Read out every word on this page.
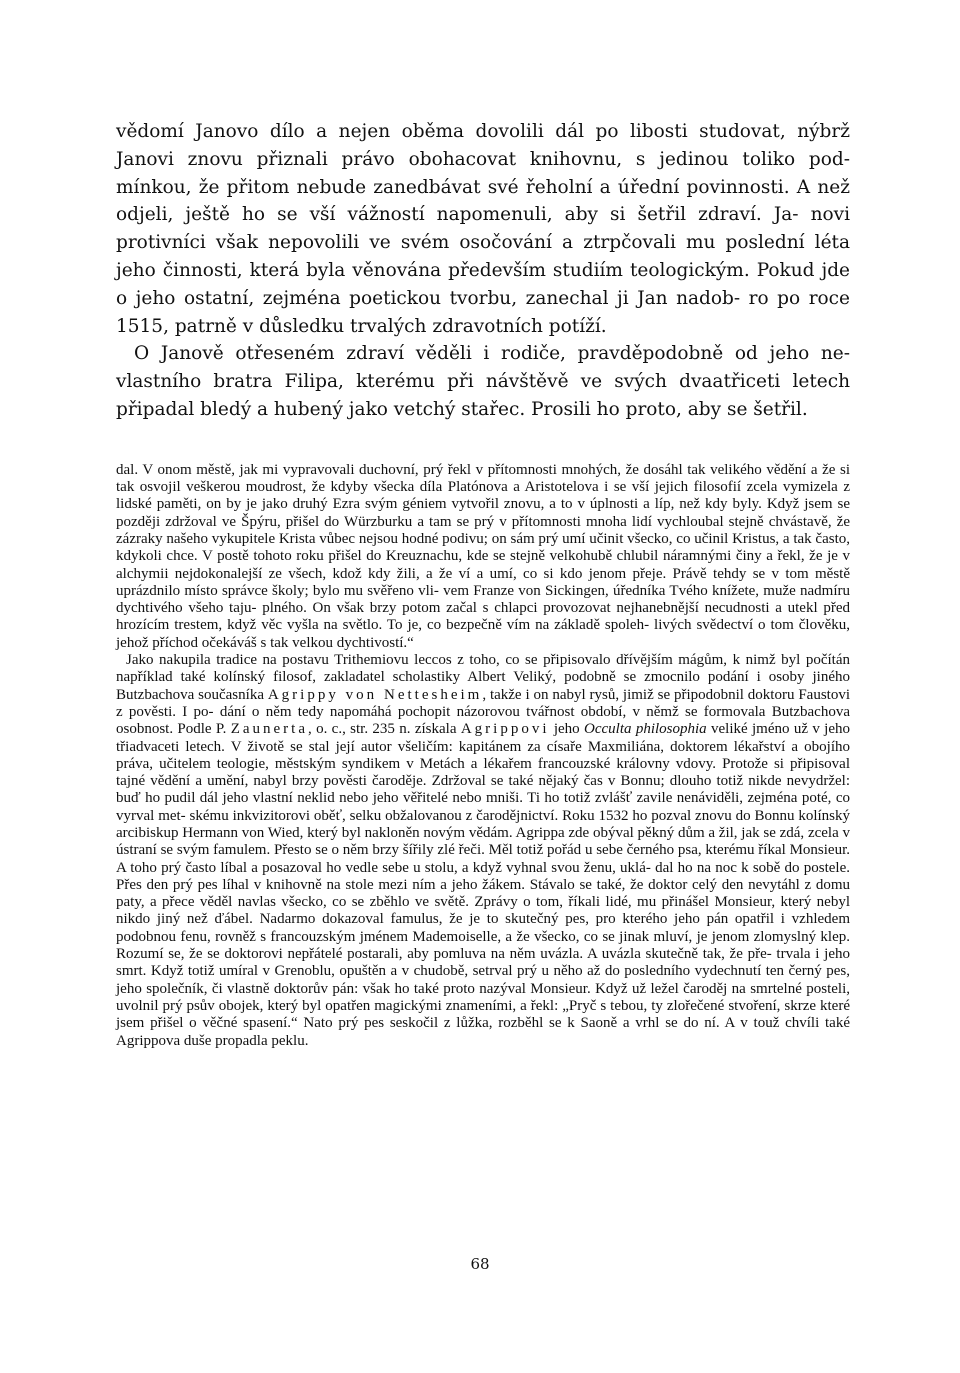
vědomí Janovo dílo a nejen oběma dovolili dál po libosti studovat, nýbrž Janovi znovu přiznali právo obohacovat knihovnu, s jedinou toliko pod- mínkou, že přitom nebude zanedbávat své řeholní a úřední povinnosti. A než odjeli, ještě ho se vší vážností napomenuli, aby si šetřil zdraví. Ja- novi protivníci však nepovolili ve svém osočování a ztrpčovali mu poslední léta jeho činnosti, která byla věnována především studiím teologickým. Pokud jde o jeho ostatní, zejména poetickou tvorbu, zanechal ji Jan nadob- ro po roce 1515, patrně v důsledku trvalých zdravotních potíží.

O Janově otřeseném zdraví věděli i rodiče, pravděpodobně od jeho ne- vlastního bratra Filipa, kterému při návštěvě ve svých dvaatřiceti letech připadal bledý a hubený jako vetchý stařec. Prosili ho proto, aby se šetřil.

dal. V onom městě, jak mi vypravovali duchovní, prý řekl v přítomnosti mnohých, že dosáhl tak velikého vědění a že si tak osvojil veškerou moudrost, že kdyby všecka díla Platónova a Aristotelova i se vší jejich filosofií zcela vymizela z lidské paměti, on by je jako druhý Ezra svým géniem vytvořil znovu, a to v úplnosti a líp, než kdy byly. Když jsem se později zdržoval ve Špýru, přišel do Würzburku a tam se prý v přítomnosti mnoha lidí vychloubal stejně chvástavě, že zázraky našeho vykupitele Krista vůbec nejsou hodné podivu; on sám prý umí učinit všecko, co učinil Kristus, a tak často, kdykoli chce. V postě tohoto roku přišel do Kreuznachu, kde se stejně velkohubě chlubil náramnými činy a řekl, že je v alchymii nejdokonalejší ze všech, kdož kdy žili, a že ví a umí, co si kdo jenom přeje. Právě tehdy se v tom městě uprázdnilo místo správce školy; bylo mu svěřeno vli- vem Franze von Sickingen, úředníka Tvého knížete, muže nadmíru dychtivého všeho taju- plného. On však brzy potom začal s chlapci provozovat nejhanebnější necudnosti a utekl před hrozícím trestem, když věc vyšla na světlo. To je, co bezpečně vím na základě spoleh- livých svědectví o tom člověku, jehož příchod očekáváš s tak velkou dychtivostí.“

Jako nakupila tradice na postavu Trithemiovu leccos z toho, co se připisovalo dřívějším mágům, k nimž byl počítán například také kolínský filosof, zakladatel scholastiky Albert Veliký, podobně se zmocnilo podání i osoby jiného Butzbachova současníka Agrippy von Nettesheim, takže i on nabyl rysů, jimiž se připodobnil doktoru Faustovi z pověsti. I po- dání o něm tedy napomáhá pochopit názorovou tvářnost období, v němž se formovala Butzbachova osobnost. Podle P. Zaunerta, o. c., str. 235 n. získala Agrippovi jeho Occulta philosophia veliké jméno už v jeho třiadvaceti letech. V životě se stal její autor všeličím: kapitánem za císaře Maxmiliána, doktorem lékařství a obojího práva, učitelem teologie, městským syndikem v Metách a lékařem francouzské královny vdovy. Protože si připisoval tajné vědění a umění, nabyl brzy pověsti čaroděje. Zdržoval se také nějaký čas v Bonnu; dlouho totiž nikde nevydržel: buď ho pudil dál jeho vlastní neklid nebo jeho věřitelé nebo mniši. Ti ho totiž zvlášť zavile nenáviděli, zejména poté, co vyrval met- skému inkvizitorovi oběť, selku obžalovanou z čarodějnictví. Roku 1532 ho pozval znovu do Bonnu kolínský arcibiskup Hermann von Wied, který byl nakloněn novým vědám. Agrippa zde obýval pěkný dům a žil, jak se zdá, zcela v ústraní se svým famulem. Přesto se o něm brzy šířily zlé řeči. Měl totiž pořád u sebe černého psa, kterému říkal Monsieur. A toho prý často líbal a posazoval ho vedle sebe u stolu, a když vyhnal svou ženu, uklá- dal ho na noc k sobě do postele. Přes den prý pes líhal v knihovně na stole mezi ním a jeho žákem. Stávalo se také, že doktor celý den nevytáhl z domu paty, a přece věděl navlas všecko, co se zběhlo ve světě. Zprávy o tom, říkali lidé, mu přinášel Monsieur, který nebyl nikdo jiný než ďábel. Nadarmo dokazoval famulus, že je to skutečný pes, pro kterého jeho pán opatřil i vzhledem podobnou fenu, rovněž s francouzským jménem Mademoiselle, a že všecko, co se jinak mluví, je jenom zlomyslný klep. Rozumí se, že se doktorovi nepřátelé postarali, aby pomluva na něm uvázla. A uvázla skutečně tak, že pře- trvala i jeho smrt. Když totiž umíral v Grenoblu, opuštěn a v chudobě, setrval prý u něho až do posledního vydechnutí ten černý pes, jeho společník, či vlastně doktorův pán: však ho také proto nazýval Monsieur. Když už ležel čaroděj na smrtelné posteli, uvolnil prý psův obojek, který byl opatřen magickými znameními, a řekl: „Pryč s tebou, ty zlořečené stvoření, skrze které jsem přišel o věčné spasení.“ Nato prý pes seskočil z lůžka, rozběhl se k Saoně a vrhl se do ní. A v touž chvíli také Agrippova duše propadla peklu.

68
